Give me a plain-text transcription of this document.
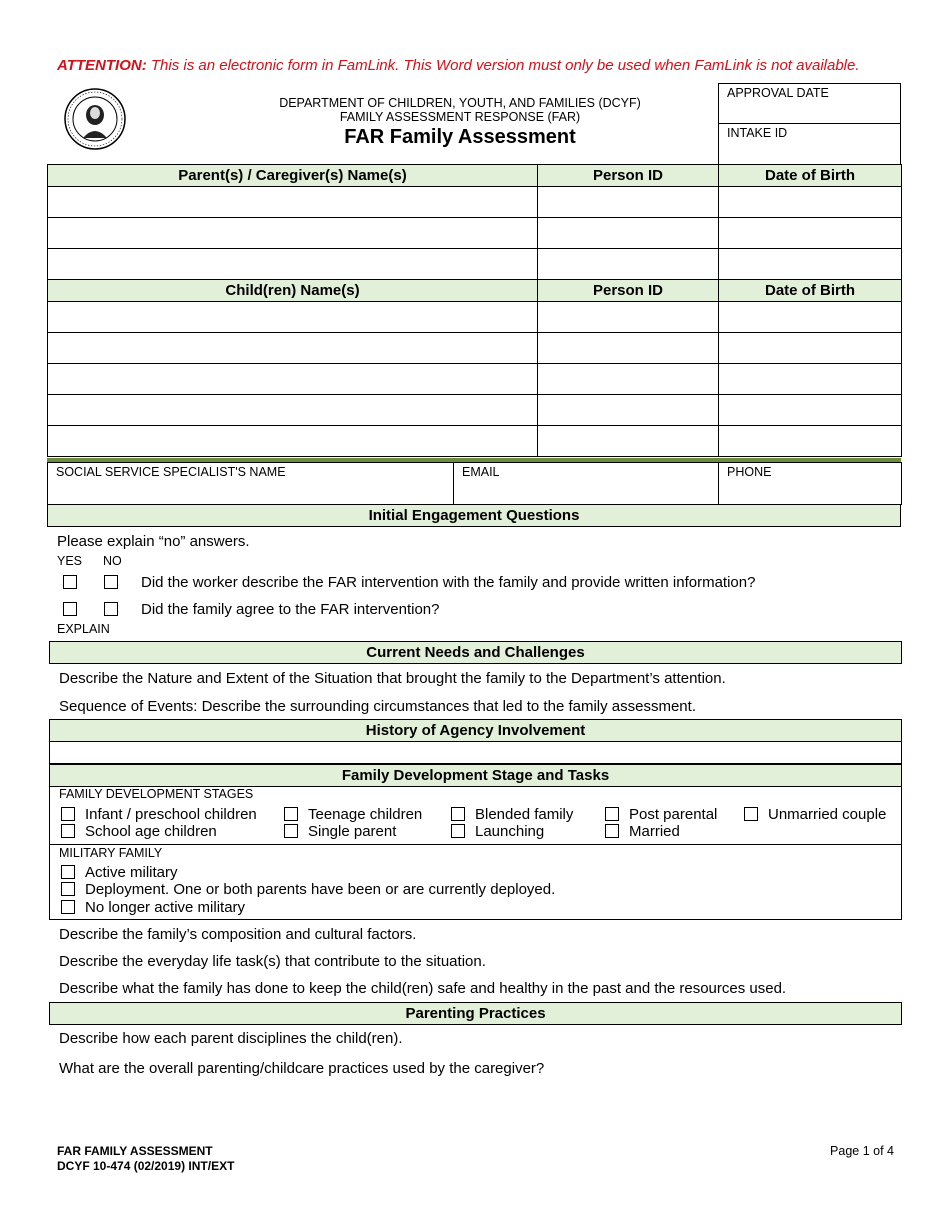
ATTENTION: This is an electronic form in FamLink. This Word version must only be used when FamLink is not available.
DEPARTMENT OF CHILDREN, YOUTH, AND FAMILIES (DCYF)
FAMILY ASSESSMENT RESPONSE (FAR)
FAR Family Assessment
APPROVAL DATE
INTAKE ID
Parent(s) / Caregiver(s) Name(s)	Person ID	Date of Birth

Child(ren) Name(s)	Person ID	Date of Birth

SOCIAL SERVICE SPECIALIST'S NAME	EMAIL	PHONE
Initial Engagement Questions
Please explain “no” answers.
YES NO
Did the worker describe the FAR intervention with the family and provide written information?
Did the family agree to the FAR intervention?
EXPLAIN
Current Needs and Challenges
Describe the Nature and Extent of the Situation that brought the family to the Department’s attention.
Sequence of Events: Describe the surrounding circumstances that led to the family assessment.
History of Agency Involvement
Family Development Stage and Tasks
FAMILY DEVELOPMENT STAGES
Infant / preschool children
School age children
Teenage children
Single parent
Blended family
Launching
Post parental
Married
Unmarried couple
MILITARY FAMILY
Active military
Deployment. One or both parents have been or are currently deployed.
No longer active military
Describe the family’s composition and cultural factors.
Describe the everyday life task(s) that contribute to the situation.
Describe what the family has done to keep the child(ren) safe and healthy in the past and the resources used.
Parenting Practices
Describe how each parent disciplines the child(ren).
What are the overall parenting/childcare practices used by the caregiver?
FAR FAMILY ASSESSMENT
DCYF 10-474 (02/2019) INT/EXT
Page 1 of 4
